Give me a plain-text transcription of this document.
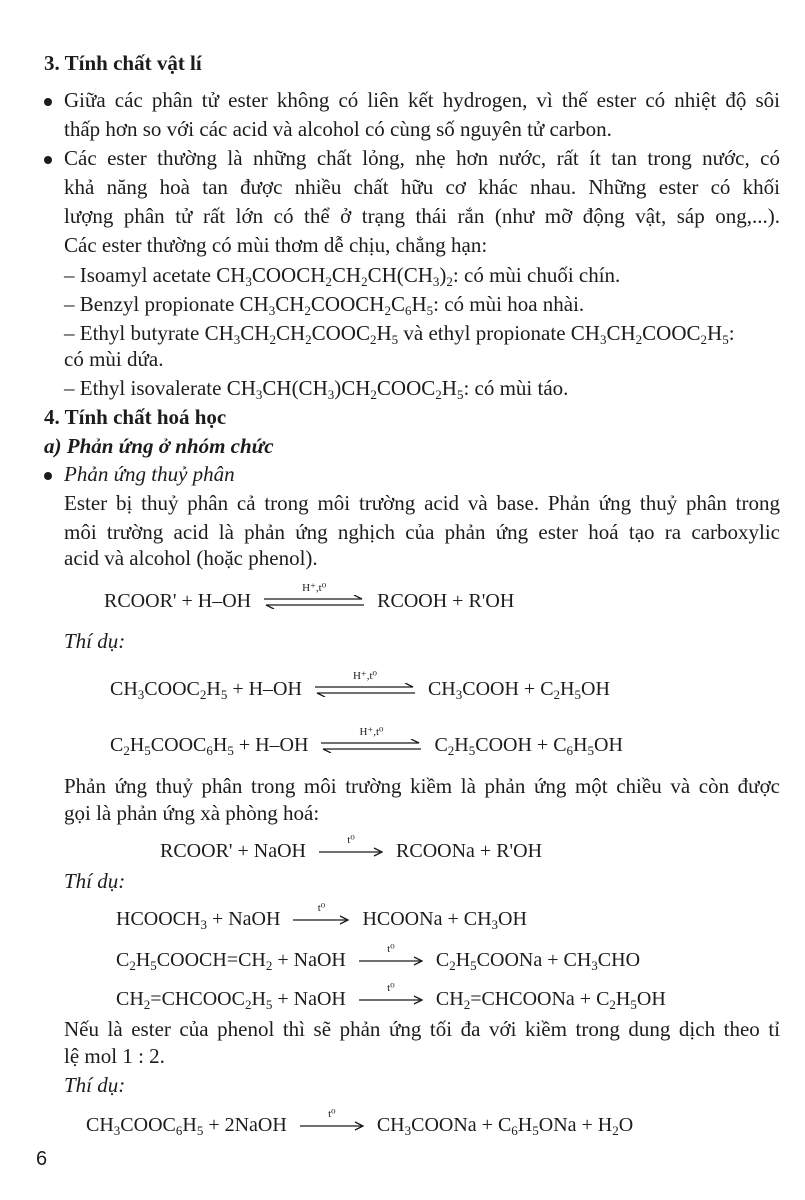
3. Tính chất vật lí
Giữa các phân tử ester không có liên kết hydrogen, vì thế ester có nhiệt độ sôi
thấp hơn so với các acid và alcohol có cùng số nguyên tử carbon.
Các ester thường là những chất lỏng, nhẹ hơn nước, rất ít tan trong nước, có
khả năng hoà tan được nhiều chất hữu cơ khác nhau. Những ester có khối
lượng phân tử rất lớn có thể ở trạng thái rắn (như mỡ động vật, sáp ong,...).
Các ester thường có mùi thơm dễ chịu, chẳng hạn:
– Isoamyl acetate $CH_3COOCH_2CH_2CH(CH_3)_2$: có mùi chuối chín.
– Benzyl propionate $CH_3CH_2COOCH_2C_6H_5$: có mùi hoa nhài.
– Ethyl butyrate $CH_3CH_2CH_2COOC_2H_5$ và ethyl propionate $CH_3CH_2COOC_2H_5$:
có mùi dứa.
– Ethyl isovalerate $CH_3CH(CH_3)CH_2COOC_2H_5$: có mùi táo.
4. Tính chất hoá học
a) Phản ứng ở nhóm chức
Phản ứng thuỷ phân
Ester bị thuỷ phân cả trong môi trường acid và base. Phản ứng thuỷ phân trong
môi trường acid là phản ứng nghịch của phản ứng ester hoá tạo ra carboxylic
acid và alcohol (hoặc phenol).
RCOOR' + H–OH
H⁺,t⁰
RCOOH + R'OH
Thí dụ:
$CH_3COOC_2H_5 + H-OH$
H⁺,t⁰
$CH_3COOH + C_2H_5OH$
$C_2H_5COOC_6H_5 + H-OH$
H⁺,t⁰
$C_2H_5COOH + C_6H_5OH$
Phản ứng thuỷ phân trong môi trường kiềm là phản ứng một chiều và còn được
gọi là phản ứng xà phòng hoá:
RCOOR' + NaOH	t⁰	RCOONa + R'OH
Thí dụ:
$HCOOCH_3$ + NaOH	t⁰	HCOONa + $CH_3OH$
$C_2H_5COOCH=CH_2$ + NaOH	t⁰	$C_2H_5COONa + CH_3CHO$
$CH_2=CHCOOC_2H_5$ + NaOH	t⁰	$CH_2=CHCOONa + C_2H_5OH$
Nếu là ester của phenol thì sẽ phản ứng tối đa với kiềm trong dung dịch theo tỉ
lệ mol 1 : 2.
Thí dụ:
$CH_3COOC_6H_5$ + 2NaOH	t⁰	$CH_3COONa + C_6H_5ONa + H_2O$
6
